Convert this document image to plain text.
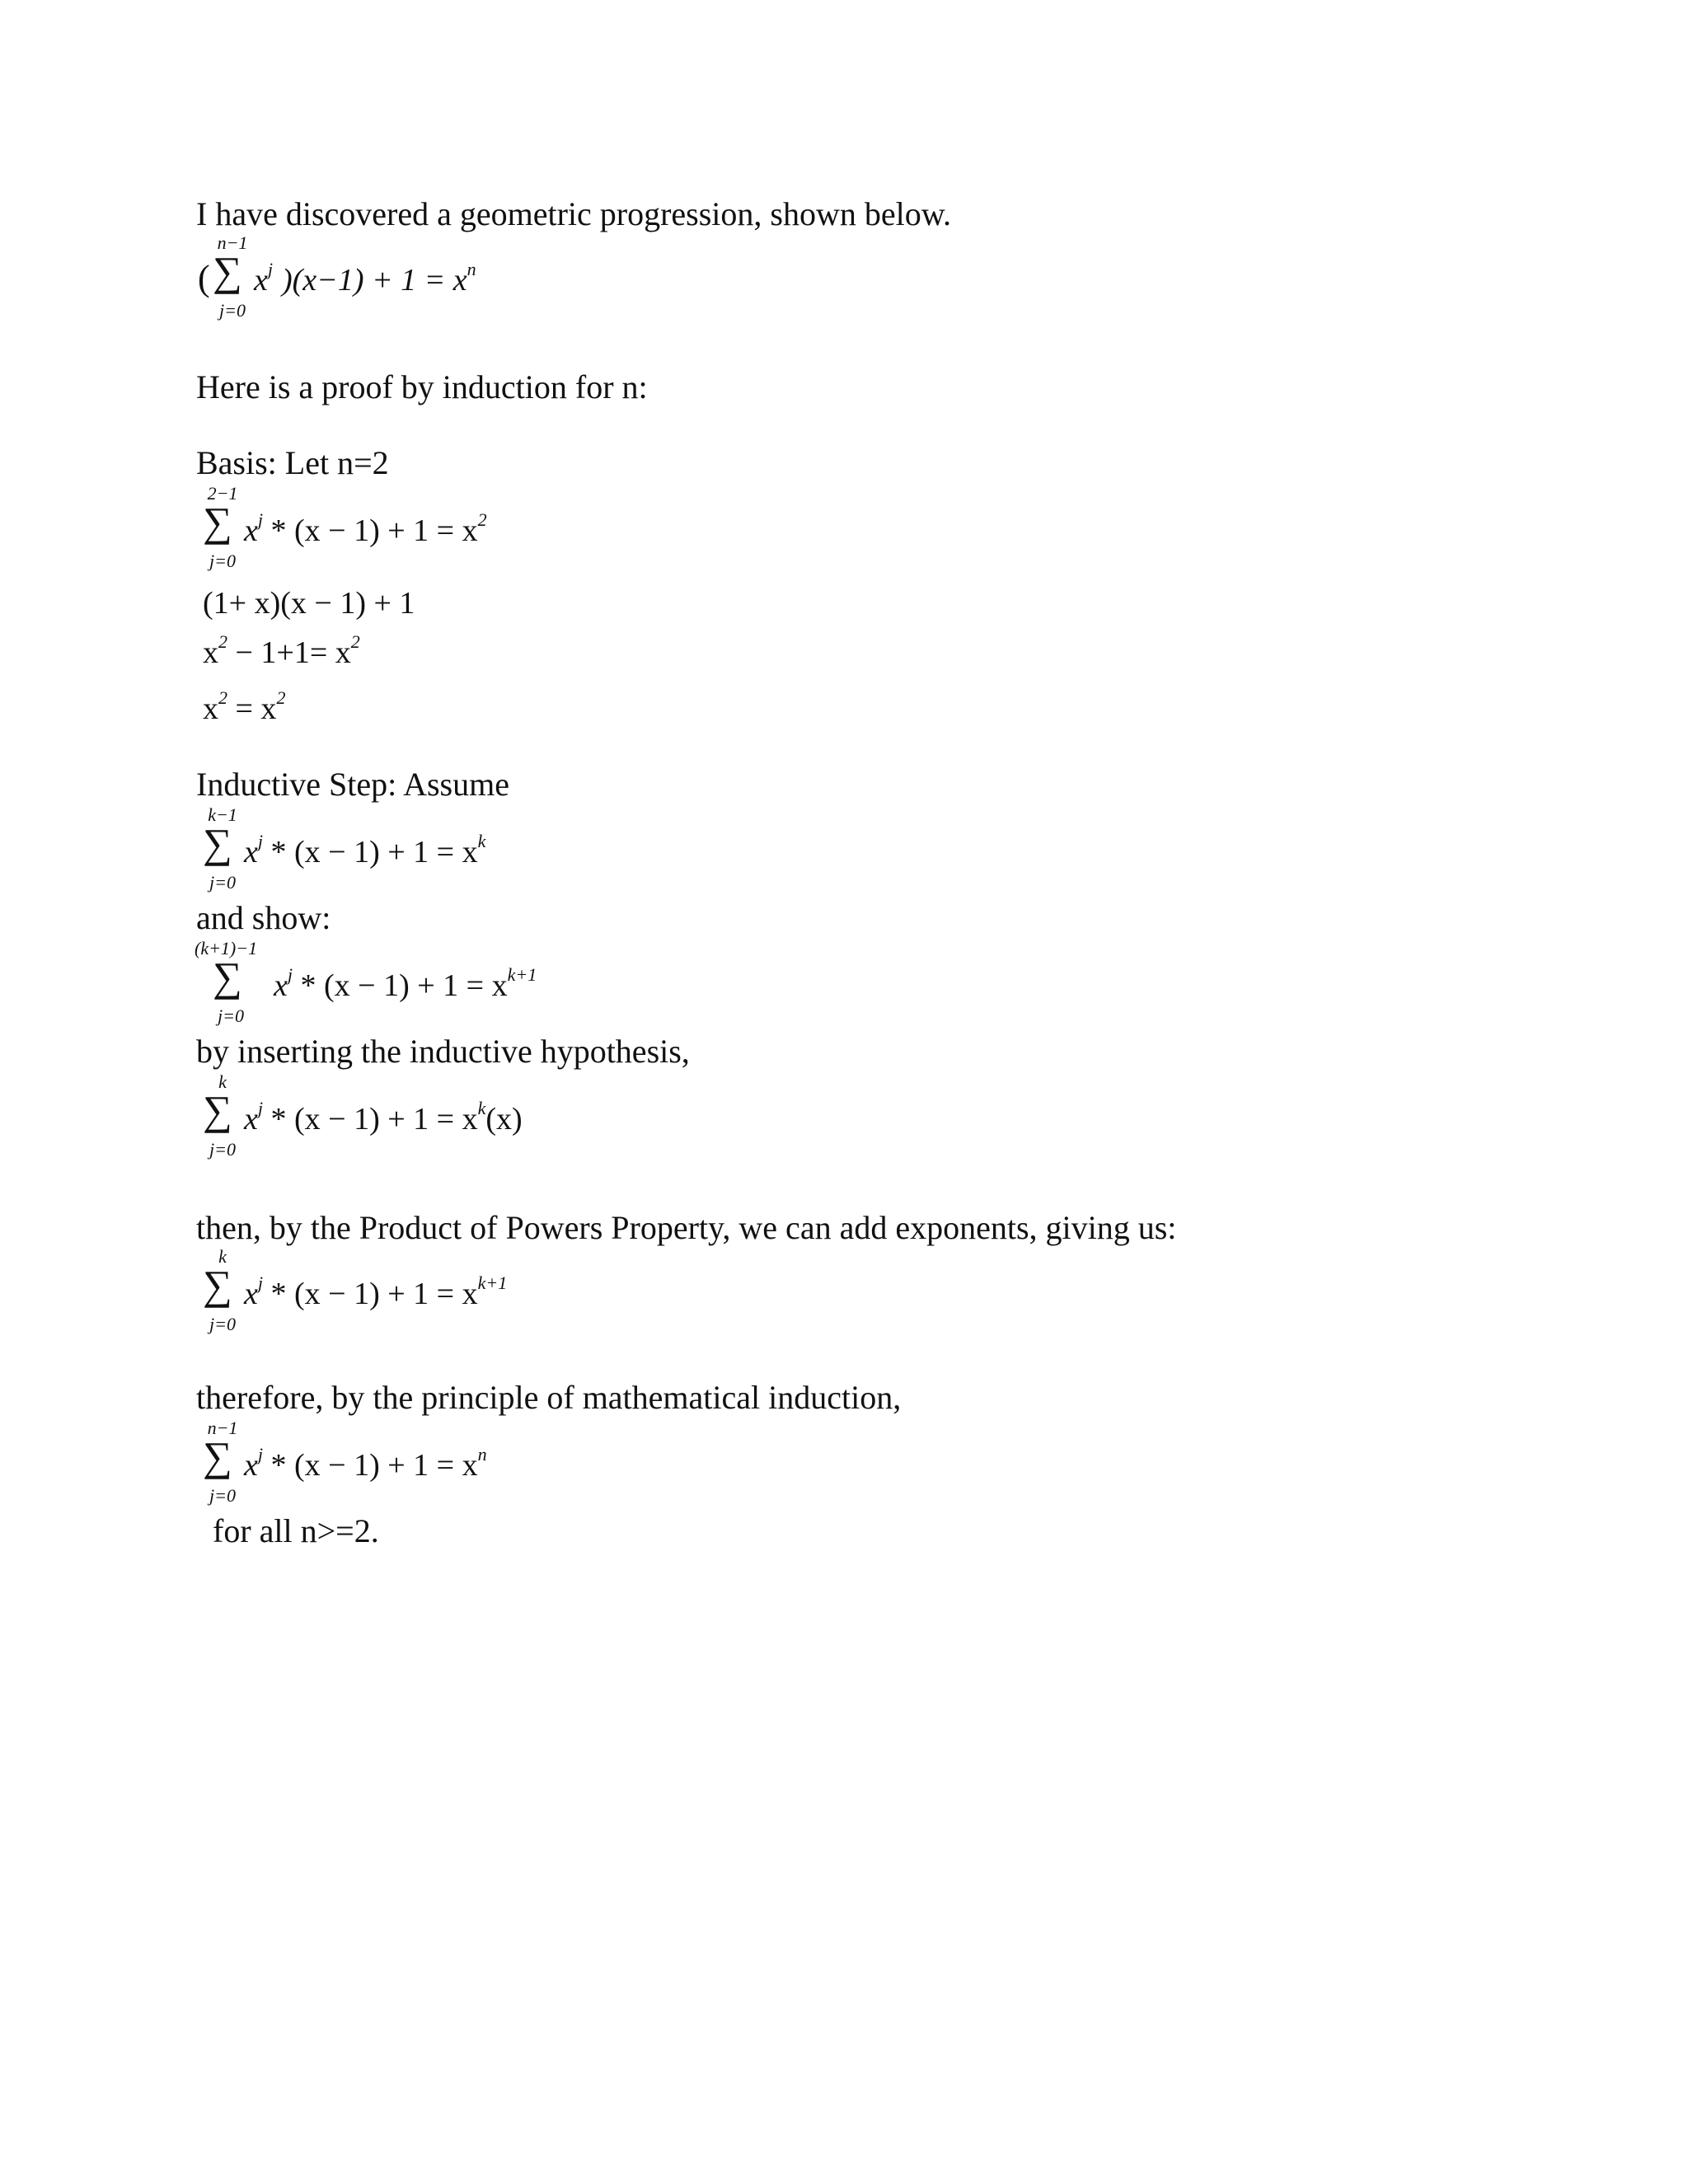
I have discovered a geometric progression, shown below.
(
n−1
∑
j=0
$x^j$ )$(x-1) + 1 = x^n$
Here is a proof by induction for n:
Basis: Let n=2
2−1
∑
j=0
$x^j * (x - 1) + 1 = x^2$
(1+ x)(x − 1) + 1
$x^2 - 1+1= x^2$
$x^2 = x^2$
Inductive Step: Assume
k−1
∑
j=0
$x^j * (x - 1) + 1 = x^k$
and show:
(k+1)−1
∑
j=0
$x^j * (x - 1) + 1 = x^{k+1}$
by inserting the inductive hypothesis,
k
∑
j=0
$x^j * (x - 1) + 1 = x^k(x)$
then, by the Product of Powers Property, we can add exponents, giving us:
k
∑
j=0
$x^j * (x - 1) + 1 = x^{k+1}$
therefore, by the principle of mathematical induction,
n−1
∑
j=0
$x^j * (x - 1) + 1 = x^n$
for all n>=2.
